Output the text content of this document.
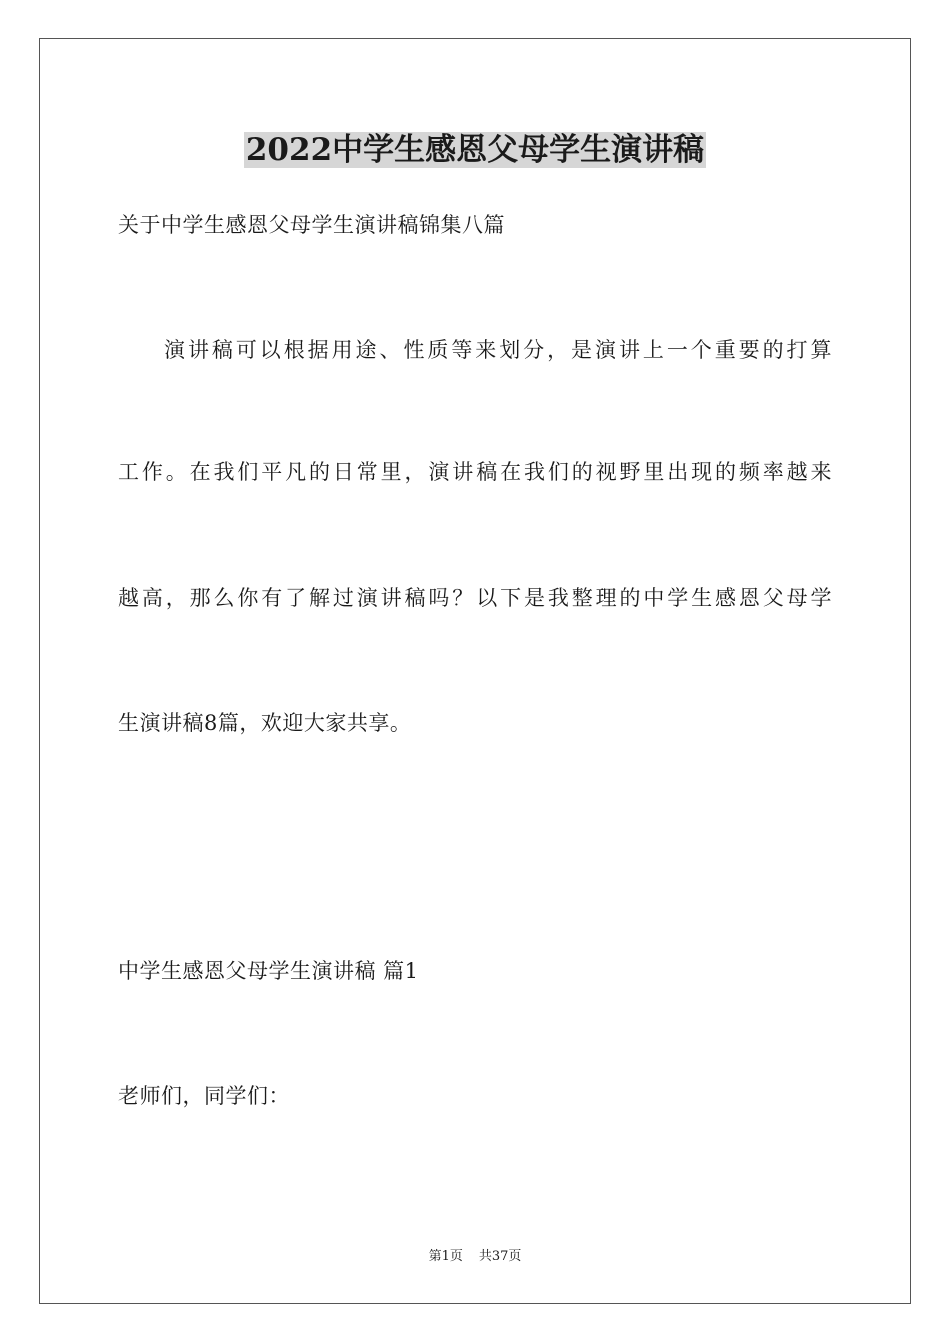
2022中学生感恩父母学生演讲稿
关于中学生感恩父母学生演讲稿锦集八篇
演讲稿可以根据用途、性质等来划分，是演讲上一个重要的打算
工作。在我们平凡的日常里，演讲稿在我们的视野里出现的频率越来
越高，那么你有了解过演讲稿吗？以下是我整理的中学生感恩父母学
生演讲稿8篇，欢迎大家共享。
中学生感恩父母学生演讲稿 篇1
老师们，同学们：
第1页 共37页
